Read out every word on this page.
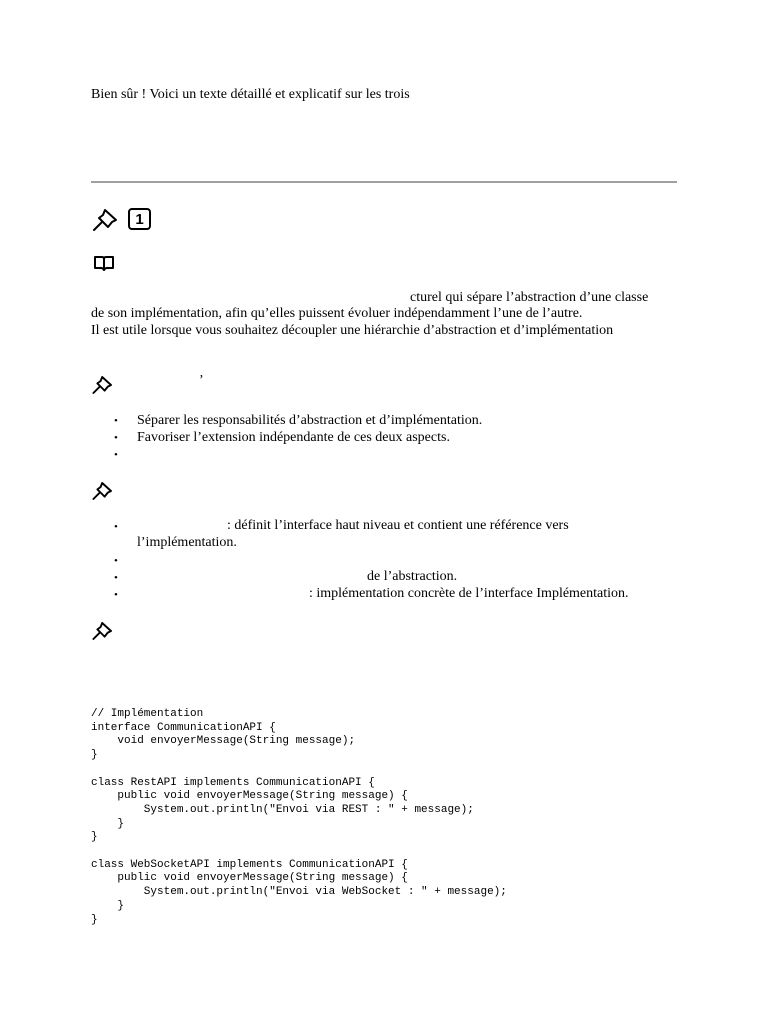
Bien sûr ! Voici un texte détaillé et explicatif sur les trois
1
cturel qui sépare l’abstraction d’une classe
de son implémentation, afin qu’elles puissent évoluer indépendamment l’une de l’autre.
Il est utile lorsque vous souhaitez découpler une hiérarchie d’abstraction et d’implémentation
’
• Séparer les responsabilités d’abstraction et d’implémentation.
• Favoriser l’extension indépendante de ces deux aspects.
•
•	: définit l’interface haut niveau et contient une référence vers
l’implémentation.
•
•	de l’abstraction.
•	: implémentation concrète de l’interface Implémentation.
// Implémentation
interface CommunicationAPI {
void envoyerMessage(String message);
}

class RestAPI implements CommunicationAPI {
public void envoyerMessage(String message) {
System.out.println("Envoi via REST : " + message);
}
}

class WebSocketAPI implements CommunicationAPI {
public void envoyerMessage(String message) {
System.out.println("Envoi via WebSocket : " + message);
}
}
